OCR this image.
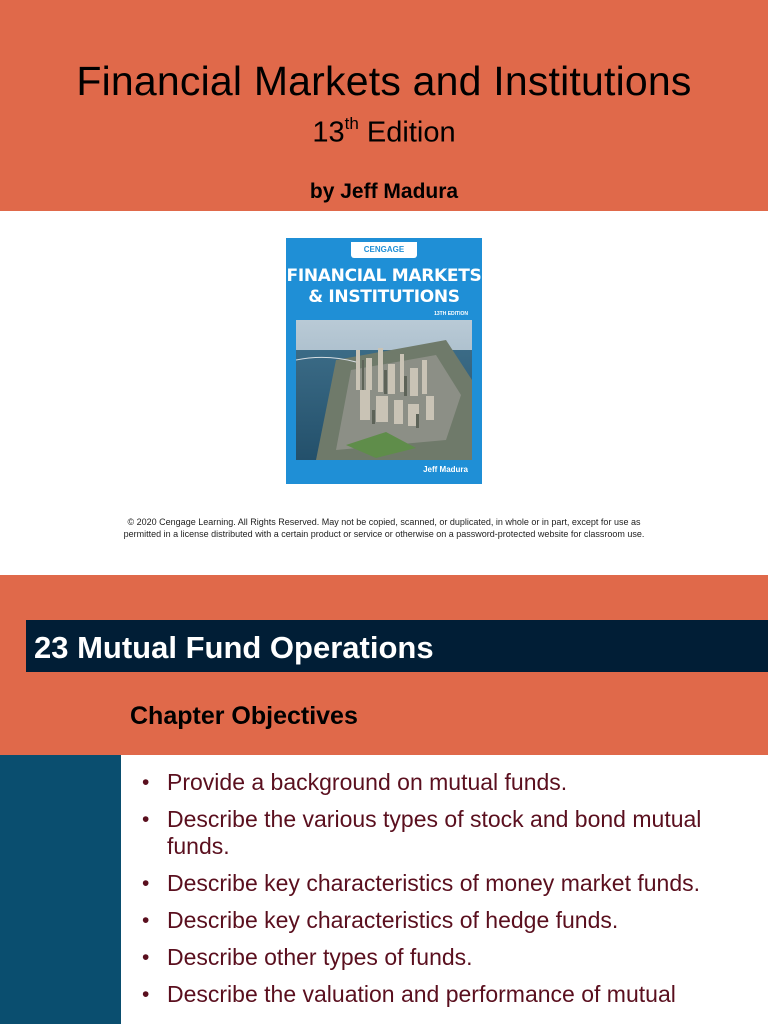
Financial Markets and Institutions
13th Edition
by Jeff Madura
CENGAGE
FINANCIAL MARKETS
& INSTITUTIONS
13TH EDITION
Jeff Madura
© 2020 Cengage Learning. All Rights Reserved. May not be copied, scanned, or duplicated, in whole or in part, except for use as
permitted in a license distributed with a certain product or service or otherwise on a password-protected website for classroom use.
23 Mutual Fund Operations
Chapter Objectives
• Provide a background on mutual funds.
• Describe the various types of stock and bond mutual funds.
• Describe key characteristics of money market funds.
• Describe key characteristics of hedge funds.
• Describe other types of funds.
• Describe the valuation and performance of mutual
